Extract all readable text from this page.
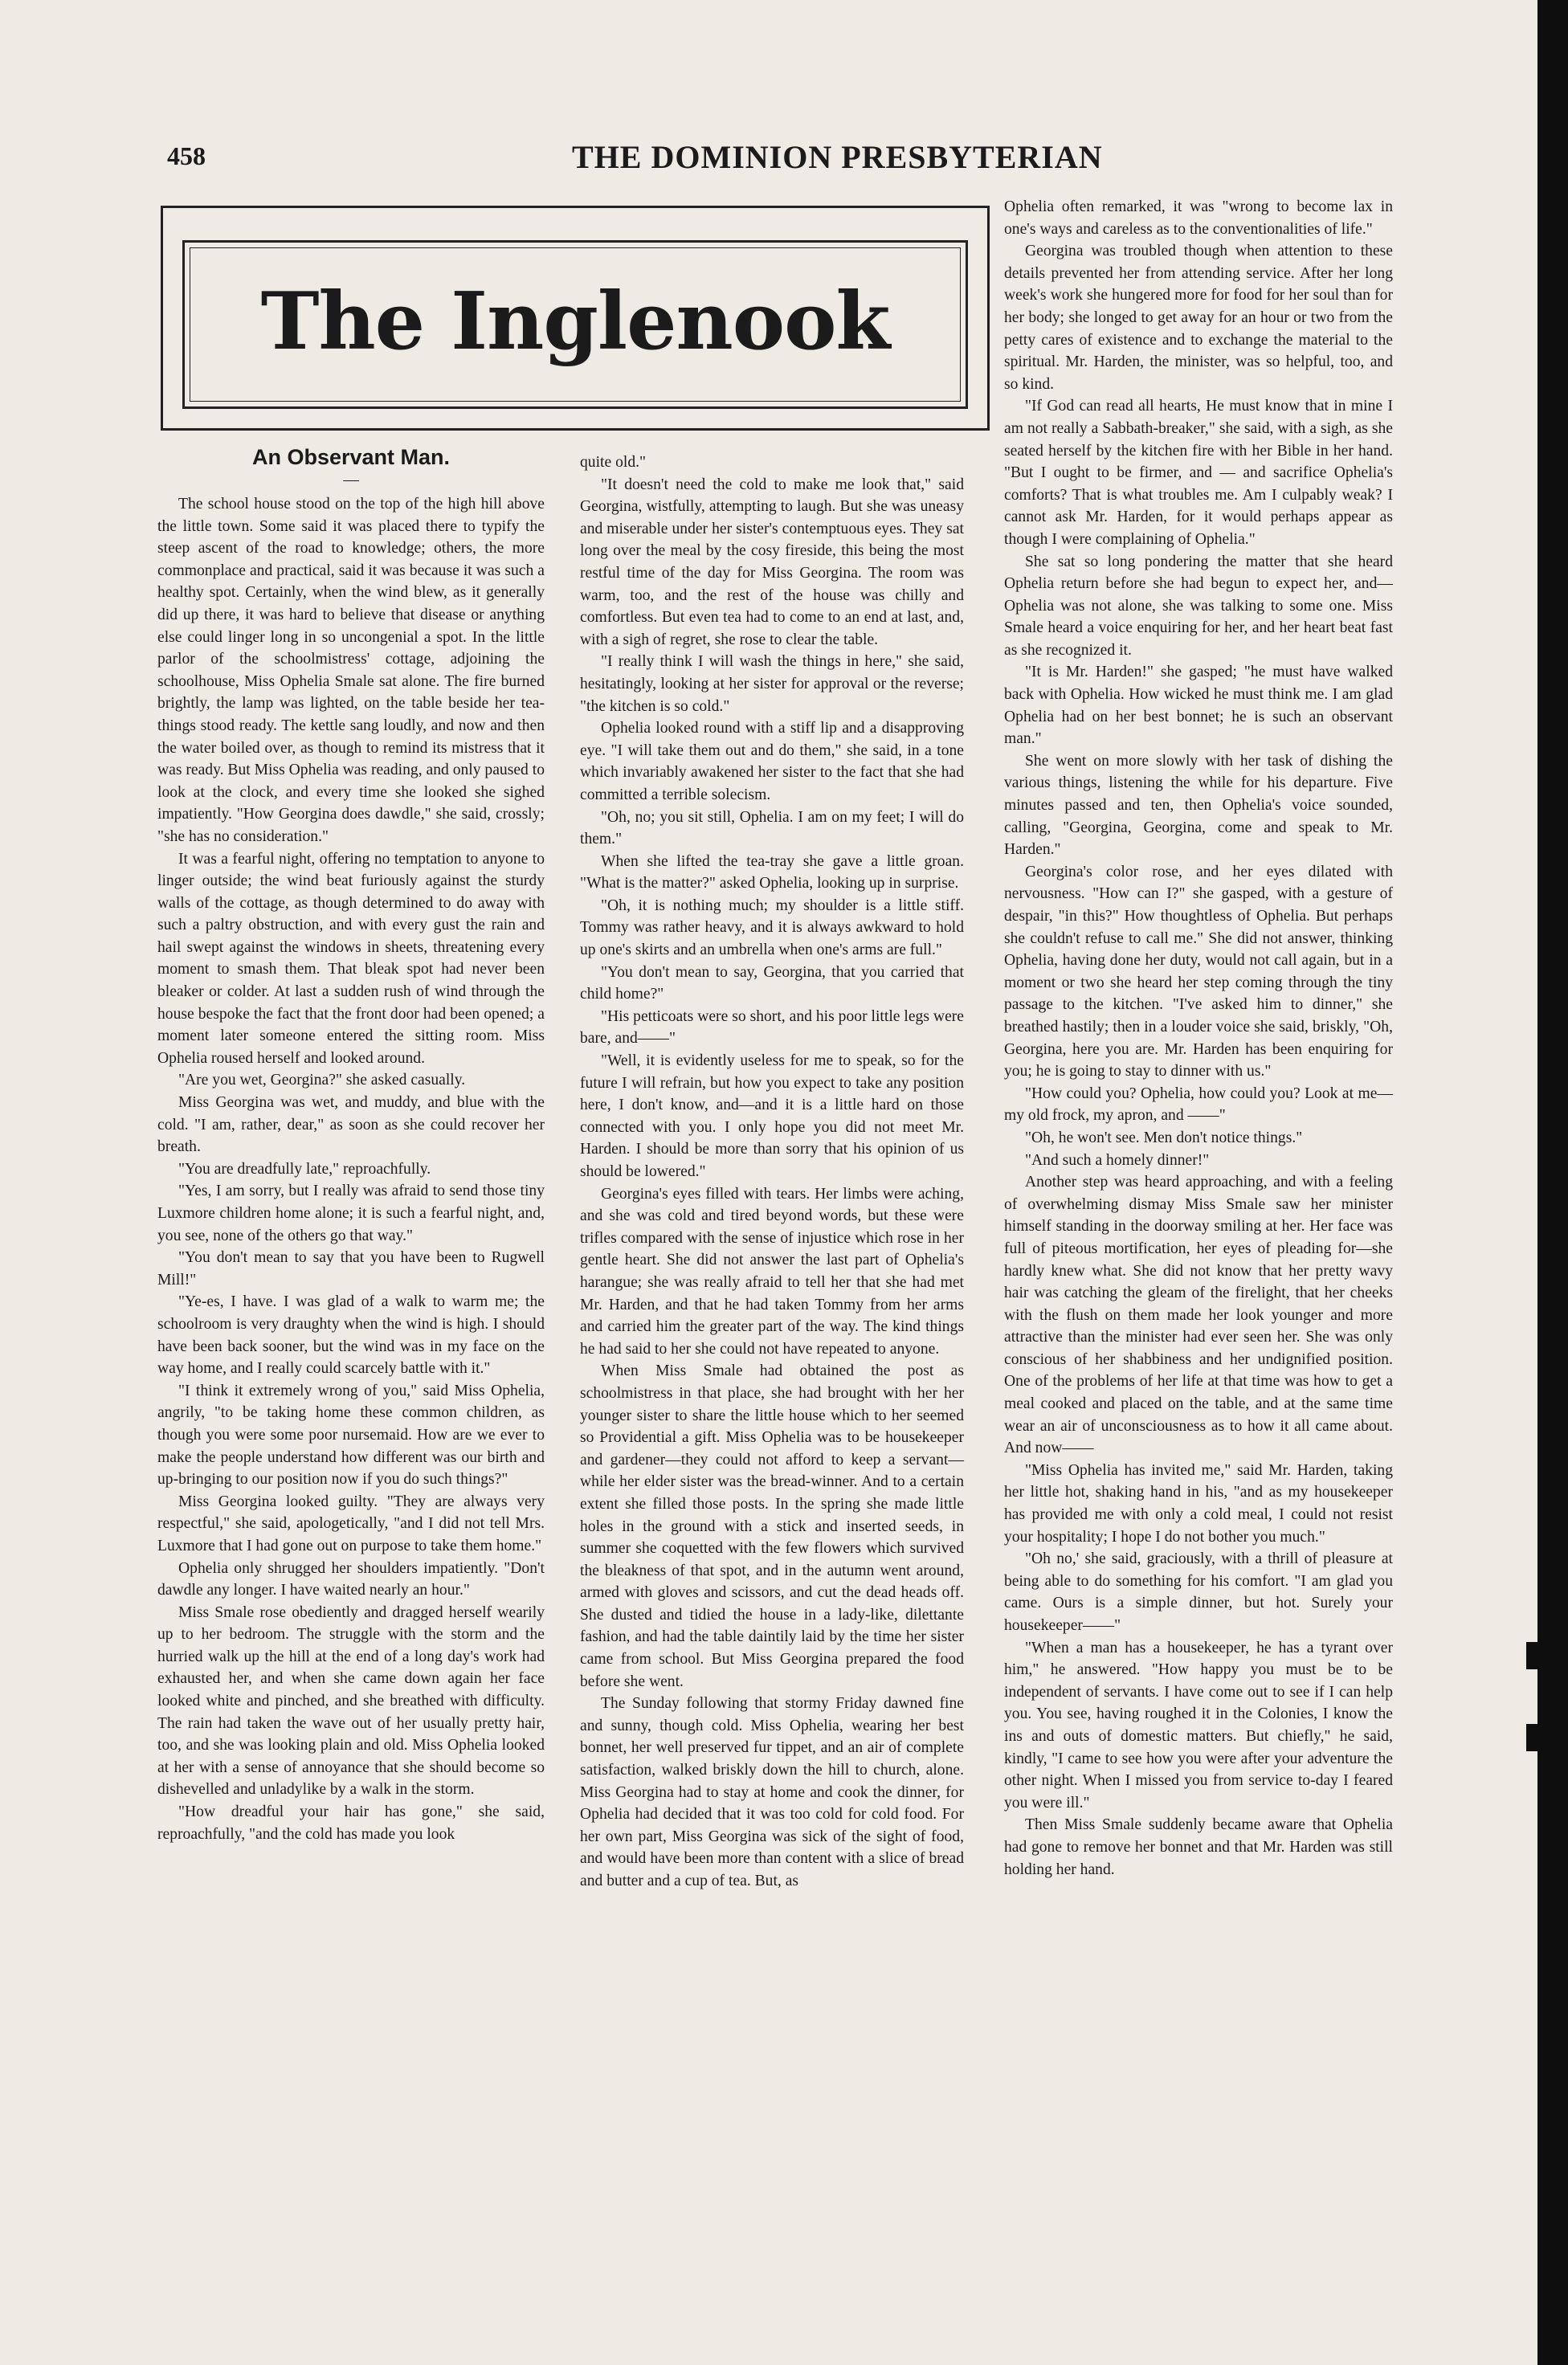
458	THE DOMINION PRESBYTERIAN
The Inglenook
An Observant Man.
—

The school house stood on the top of the high hill above the little town. Some said it was placed there to typify the steep ascent of the road to knowledge; others, the more commonplace and practical, said it was because it was such a healthy spot. Certainly, when the wind blew, as it generally did up there, it was hard to believe that disease or anything else could linger long in so uncongenial a spot. In the little parlor of the schoolmistress' cottage, adjoining the schoolhouse, Miss Ophelia Smale sat alone. The fire burned brightly, the lamp was lighted, on the table beside her tea-things stood ready. The kettle sang loudly, and now and then the water boiled over, as though to remind its mistress that it was ready. But Miss Ophelia was reading, and only paused to look at the clock, and every time she looked she sighed impatiently. "How Georgina does dawdle," she said, crossly; "she has no consideration."

It was a fearful night, offering no temptation to anyone to linger outside; the wind beat furiously against the sturdy walls of the cottage, as though determined to do away with such a paltry obstruction, and with every gust the rain and hail swept against the windows in sheets, threatening every moment to smash them. That bleak spot had never been bleaker or colder. At last a sudden rush of wind through the house bespoke the fact that the front door had been opened; a moment later someone entered the sitting room. Miss Ophelia roused herself and looked around.

"Are you wet, Georgina?" she asked casually.

Miss Georgina was wet, and muddy, and blue with the cold. "I am, rather, dear," as soon as she could recover her breath.

"You are dreadfully late," reproachfully.

"Yes, I am sorry, but I really was afraid to send those tiny Luxmore children home alone; it is such a fearful night, and, you see, none of the others go that way."

"You don't mean to say that you have been to Rugwell Mill!"

"Ye-es, I have. I was glad of a walk to warm me; the schoolroom is very draughty when the wind is high. I should have been back sooner, but the wind was in my face on the way home, and I really could scarcely battle with it."

"I think it extremely wrong of you," said Miss Ophelia, angrily, "to be taking home these common children, as though you were some poor nursemaid. How are we ever to make the people understand how different was our birth and up-bringing to our position now if you do such things?"

Miss Georgina looked guilty. "They are always very respectful," she said, apologetically, "and I did not tell Mrs. Luxmore that I had gone out on purpose to take them home."

Ophelia only shrugged her shoulders impatiently. "Don't dawdle any longer. I have waited nearly an hour."

Miss Smale rose obediently and dragged herself wearily up to her bedroom. The struggle with the storm and the hurried walk up the hill at the end of a long day's work had exhausted her, and when she came down again her face looked white and pinched, and she breathed with difficulty. The rain had taken the wave out of her usually pretty hair, too, and she was looking plain and old. Miss Ophelia looked at her with a sense of annoyance that she should become so dishevelled and unladylike by a walk in the storm.

"How dreadful your hair has gone," she said, reproachfully, "and the cold has made you look

quite old."

"It doesn't need the cold to make me look that," said Georgina, wistfully, attempting to laugh. But she was uneasy and miserable under her sister's contemptuous eyes. They sat long over the meal by the cosy fireside, this being the most restful time of the day for Miss Georgina. The room was warm, too, and the rest of the house was chilly and comfortless. But even tea had to come to an end at last, and, with a sigh of regret, she rose to clear the table.

"I really think I will wash the things in here," she said, hesitatingly, looking at her sister for approval or the reverse; "the kitchen is so cold."

Ophelia looked round with a stiff lip and a disapproving eye. "I will take them out and do them," she said, in a tone which invariably awakened her sister to the fact that she had committed a terrible solecism.

"Oh, no; you sit still, Ophelia. I am on my feet; I will do them."

When she lifted the tea-tray she gave a little groan. "What is the matter?" asked Ophelia, looking up in surprise.

"Oh, it is nothing much; my shoulder is a little stiff. Tommy was rather heavy, and it is always awkward to hold up one's skirts and an umbrella when one's arms are full."

"You don't mean to say, Georgina, that you carried that child home?"

"His petticoats were so short, and his poor little legs were bare, and——"

"Well, it is evidently useless for me to speak, so for the future I will refrain, but how you expect to take any position here, I don't know, and—and it is a little hard on those connected with you. I only hope you did not meet Mr. Harden. I should be more than sorry that his opinion of us should be lowered."

Georgina's eyes filled with tears. Her limbs were aching, and she was cold and tired beyond words, but these were trifles compared with the sense of injustice which rose in her gentle heart. She did not answer the last part of Ophelia's harangue; she was really afraid to tell her that she had met Mr. Harden, and that he had taken Tommy from her arms and carried him the greater part of the way. The kind things he had said to her she could not have repeated to anyone.

When Miss Smale had obtained the post as schoolmistress in that place, she had brought with her her younger sister to share the little house which to her seemed so Providential a gift. Miss Ophelia was to be housekeeper and gardener—they could not afford to keep a servant—while her elder sister was the bread-winner. And to a certain extent she filled those posts. In the spring she made little holes in the ground with a stick and inserted seeds, in summer she coquetted with the few flowers which survived the bleakness of that spot, and in the autumn went around, armed with gloves and scissors, and cut the dead heads off. She dusted and tidied the house in a lady-like, dilettante fashion, and had the table daintily laid by the time her sister came from school. But Miss Georgina prepared the food before she went.

The Sunday following that stormy Friday dawned fine and sunny, though cold. Miss Ophelia, wearing her best bonnet, her well preserved fur tippet, and an air of complete satisfaction, walked briskly down the hill to church, alone. Miss Georgina had to stay at home and cook the dinner, for Ophelia had decided that it was too cold for cold food. For her own part, Miss Georgina was sick of the sight of food, and would have been more than content with a slice of bread and butter and a cup of tea. But, as

Ophelia often remarked, it was "wrong to become lax in one's ways and careless as to the conventionalities of life."

Georgina was troubled though when attention to these details prevented her from attending service. After her long week's work she hungered more for food for her soul than for her body; she longed to get away for an hour or two from the petty cares of existence and to exchange the material to the spiritual. Mr. Harden, the minister, was so helpful, too, and so kind.

"If God can read all hearts, He must know that in mine I am not really a Sabbath-breaker," she said, with a sigh, as she seated herself by the kitchen fire with her Bible in her hand. "But I ought to be firmer, and — and sacrifice Ophelia's comforts? That is what troubles me. Am I culpably weak? I cannot ask Mr. Harden, for it would perhaps appear as though I were complaining of Ophelia."

She sat so long pondering the matter that she heard Ophelia return before she had begun to expect her, and—Ophelia was not alone, she was talking to some one. Miss Smale heard a voice enquiring for her, and her heart beat fast as she recognized it.

"It is Mr. Harden!" she gasped; "he must have walked back with Ophelia. How wicked he must think me. I am glad Ophelia had on her best bonnet; he is such an observant man."

She went on more slowly with her task of dishing the various things, listening the while for his departure. Five minutes passed and ten, then Ophelia's voice sounded, calling, "Georgina, Georgina, come and speak to Mr. Harden."

Georgina's color rose, and her eyes dilated with nervousness. "How can I?" she gasped, with a gesture of despair, "in this?" How thoughtless of Ophelia. But perhaps she couldn't refuse to call me." She did not answer, thinking Ophelia, having done her duty, would not call again, but in a moment or two she heard her step coming through the tiny passage to the kitchen. "I've asked him to dinner," she breathed hastily; then in a louder voice she said, briskly, "Oh, Georgina, here you are. Mr. Harden has been enquiring for you; he is going to stay to dinner with us."

"How could you? Ophelia, how could you? Look at me—my old frock, my apron, and ——"

"Oh, he won't see. Men don't notice things."

"And such a homely dinner!"

Another step was heard approaching, and with a feeling of overwhelming dismay Miss Smale saw her minister himself standing in the doorway smiling at her. Her face was full of piteous mortification, her eyes of pleading for—she hardly knew what. She did not know that her pretty wavy hair was catching the gleam of the firelight, that her cheeks with the flush on them made her look younger and more attractive than the minister had ever seen her. She was only conscious of her shabbiness and her undignified position. One of the problems of her life at that time was how to get a meal cooked and placed on the table, and at the same time wear an air of unconsciousness as to how it all came about. And now——

"Miss Ophelia has invited me," said Mr. Harden, taking her little hot, shaking hand in his, "and as my housekeeper has provided me with only a cold meal, I could not resist your hospitality; I hope I do not bother you much."

"Oh no,' she said, graciously, with a thrill of pleasure at being able to do something for his comfort. "I am glad you came. Ours is a simple dinner, but hot. Surely your housekeeper——"

"When a man has a housekeeper, he has a tyrant over him," he answered. "How happy you must be to be independent of servants. I have come out to see if I can help you. You see, having roughed it in the Colonies, I know the ins and outs of domestic matters. But chiefly," he said, kindly, "I came to see how you were after your adventure the other night. When I missed you from service to-day I feared you were ill."

Then Miss Smale suddenly became aware that Ophelia had gone to remove her bonnet and that Mr. Harden was still holding her hand.
